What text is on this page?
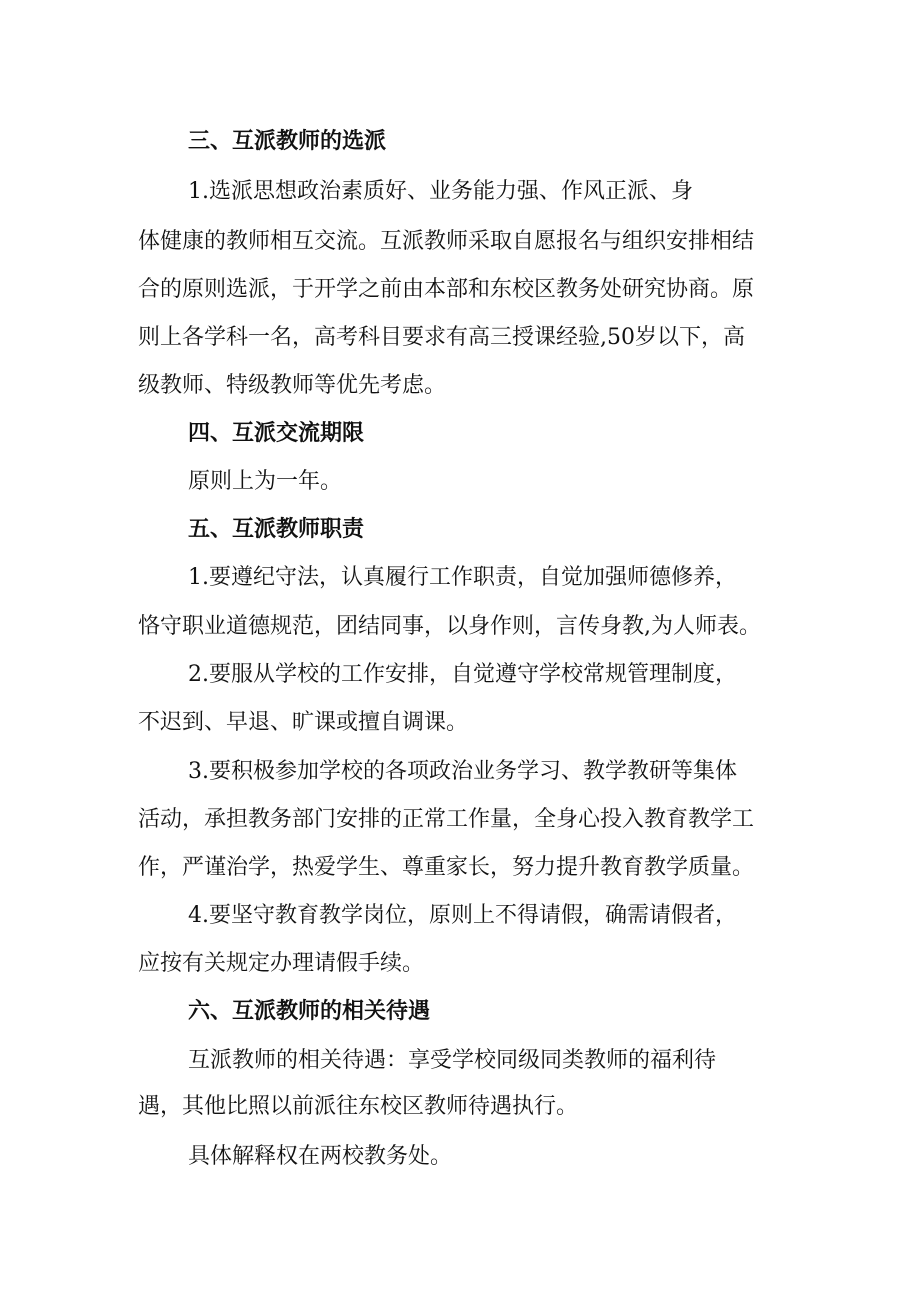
三、互派教师的选派

1.选派思想政治素质好、业务能力强、作风正派、身

体健康的教师相互交流。互派教师采取自愿报名与组织安排相结

合的原则选派，于开学之前由本部和东校区教务处研究协商。原

则上各学科一名，高考科目要求有高三授课经验,50岁以下，高

级教师、特级教师等优先考虑。

四、互派交流期限

原则上为一年。

五、互派教师职责

1.要遵纪守法，认真履行工作职责，自觉加强师德修养，

恪守职业道德规范，团结同事，以身作则，言传身教,为人师表。

2.要服从学校的工作安排，自觉遵守学校常规管理制度，

不迟到、早退、旷课或擅自调课。

3.要积极参加学校的各项政治业务学习、教学教研等集体

活动，承担教务部门安排的正常工作量，全身心投入教育教学工

作，严谨治学，热爱学生、尊重家长，努力提升教育教学质量。

4.要坚守教育教学岗位，原则上不得请假，确需请假者，

应按有关规定办理请假手续。

六、互派教师的相关待遇

互派教师的相关待遇：享受学校同级同类教师的福利待

遇，其他比照以前派往东校区教师待遇执行。

具体解释权在两校教务处。
